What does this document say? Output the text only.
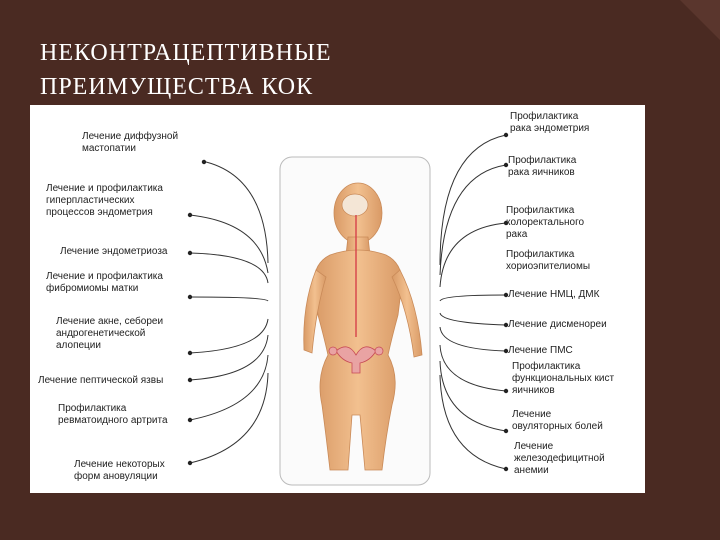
НЕКОНТРАЦЕПТИВНЫЕ
ПРЕИМУЩЕСТВА КОК
Лечение диффузной
мастопатии
Лечение и профилактика
гиперпластических
процессов эндометрия
Лечение эндометриоза
Лечение и профилактика
фибромиомы матки
Лечение акне, себореи
андрогенетической
алопеции
Лечение пептической язвы
Профилактика
ревматоидного артрита
Лечение некоторых
форм ановуляции
Профилактика
рака эндометрия
Профилактика
рака яичников
Профилактика
колоректального
рака
Профилактика
хориоэпителиомы
Лечение НМЦ, ДМК
Лечение дисменореи
Лечение ПМС
Профилактика
функциональных кист
яичников
Лечение
овуляторных болей
Лечение
железодефицитной
анемии
